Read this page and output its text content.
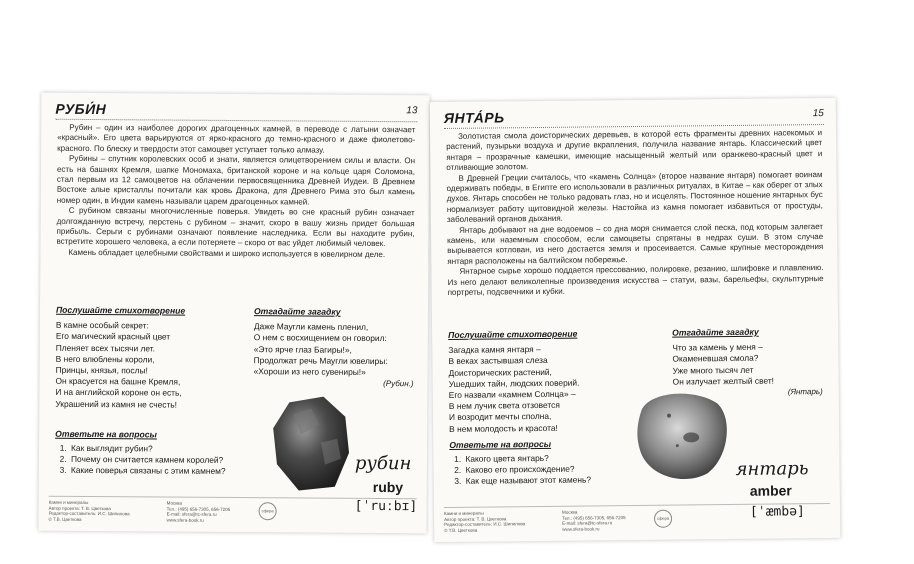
РУБИ́Н	13

Рубин – один из наиболее дорогих драгоценных камней, в переводе с латыни означает «красный». Его цвета варьируются от ярко-красного до темно-красного и даже фиолетово-красного. По блеску и твердости этот самоцвет уступает только алмазу.

Рубины – спутник королевских особ и знати, является олицетворением силы и власти. Он есть на башнях Кремля, шапке Мономаха, британской короне и на кольце царя Соломона, стал первым из 12 самоцветов на облачении первосвященника Древней Иудеи. В Древнем Востоке алые кристаллы почитали как кровь Дракона, для Древнего Рима это был камень номер один, в Индии камень называли царем драгоценных камней.

С рубином связаны многочисленные поверья. Увидеть во сне красный рубин означает долгожданную встречу, перстень с рубином – значит, скоро в вашу жизнь придет большая прибыль. Серьги с рубинами означают появление наследника. Если вы находите рубин, встретите хорошего человека, а если потеряете – скоро от вас уйдет любимый человек.

Камень обладает целебными свойствами и широко используется в ювелирном деле.

Послушайте стихотворение
В камне особый секрет:
Его магический красный цвет
Пленяет всех тысячи лет.
В него влюблены короли,
Принцы, князья, послы!
Он красуется на башне Кремля,
И на английской короне он есть,
Украшений из камня не счесть!
Отгадайте загадку
Даже Маугли камень пленил,
О нем с восхищением он говорил:
«Это ярче глаз Багиры!»,
Продолжат речь Маугли ювелиры:
«Хороши из него сувениры!»
(Рубин.)
Ответьте на вопросы
1. Как выглядит рубин?
2. Почему он считается камнем королей?
3. Какие поверья связаны с этим камнем?	рубин
ruby
[ˈruːbɪ]
Камни и минералы
Автор проекта: Т. В. Цветкова
Редактор-составитель: И.С. Шипилова
© Т.В. Цветкова
Москва
Тел.: (495) 656-7305, 656-7205
E-mail: sfera@tc-sfera.ru
www.sfera-book.ru
сфера
ЯНТА́РЬ	15

Золотистая смола доисторических деревьев, в которой есть фрагменты древних насекомых и растений, пузырьки воздуха и другие вкрапления, получила название янтарь. Классический цвет янтаря – прозрачные камешки, имеющие насыщенный желтый или оранжево-красный цвет и отливающие золотом.

В Древней Греции считалось, что «камень Солнца» (второе название янтаря) помогает воинам одерживать победы, в Египте его использовали в различных ритуалах, в Китае – как оберег от злых духов. Янтарь способен не только радовать глаз, но и исцелять. Постоянное ношение янтарных бус нормализует работу щитовидной железы. Настойка из камня помогает избавиться от простуды, заболеваний органов дыхания.

Янтарь добывают на дне водоемов – со дна моря снимается слой песка, под которым залегает камень, или наземным способом, если самоцветы спрятаны в недрах суши. В этом случае вырывается котлован, из него достается земля и просеивается. Самые крупные месторождения янтаря расположены на балтийском побережье.

Янтарное сырье хорошо поддается прессованию, полировке, резанию, шлифовке и плавлению. Из него делают великолепные произведения искусства – статуи, вазы, барельефы, скульптурные портреты, подсвечники и кубки.

Послушайте стихотворение
Загадка камня янтаря –
В веках застывшая слеза
Доисторических растений,
Ушедших тайн, людских поверий.
Его назвали «камнем Солнца» –
В нем лучик света отзовется
И возродит мечты сполна,
В нем молодость и красота!
Отгадайте загадку
Что за камень у меня –
Окаменевшая смола?
Уже много тысяч лет
Он излучает желтый свет!
(Янтарь)
Ответьте на вопросы
1. Какого цвета янтарь?
2. Каково его происхождение?
3. Как еще называют этот камень?
янтарь
amber
[ˈæmbə]
Камни и минералы
Автор проекта: Т. В. Цветкова
Редактор-составитель: И.С. Шипилова
© Т.В. Цветкова
Москва
Тел.: (495) 656-7305, 656-7205
E-mail: sfera@tc-sfera.ru
www.sfera-book.ru
сфера
